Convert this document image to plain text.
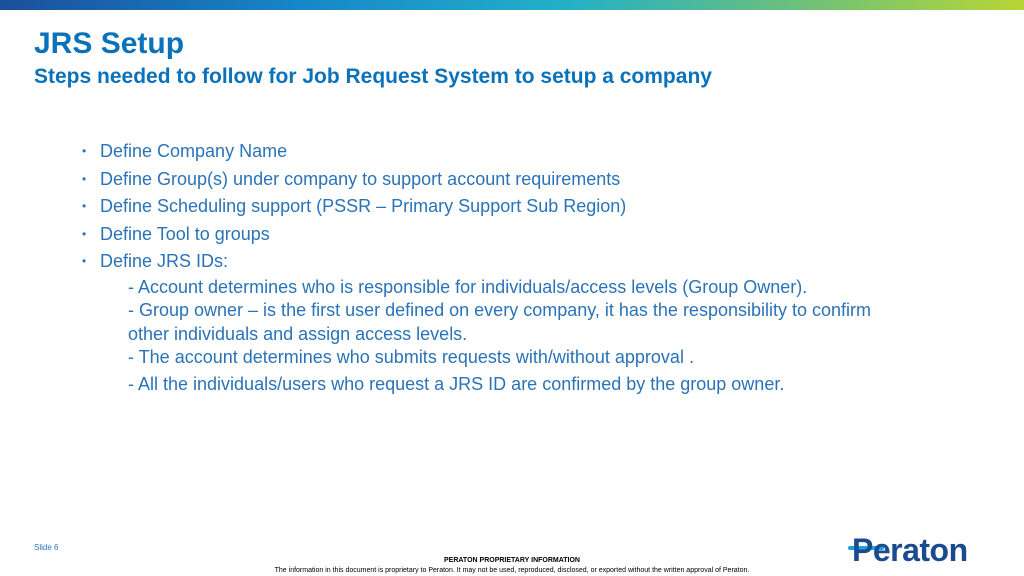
JRS Setup
Steps needed to follow for Job Request System to setup a company
• Define Company Name
• Define Group(s) under company to support account requirements
• Define Scheduling support (PSSR – Primary Support Sub Region)
• Define Tool to groups
• Define JRS IDs:
- Account determines who is responsible for individuals/access levels (Group Owner).
- Group owner – is the first user defined on every company, it has the responsibility to confirm
other individuals and assign access levels.
- The account determines who submits requests with/without approval .
- All the individuals/users who request a JRS ID are confirmed by the group owner.
Slide 6
PERATON PROPRIETARY INFORMATION
The information in this document is proprietary to Peraton. It may not be used, reproduced, disclosed, or exported without the written approval of Peraton.
Peraton
